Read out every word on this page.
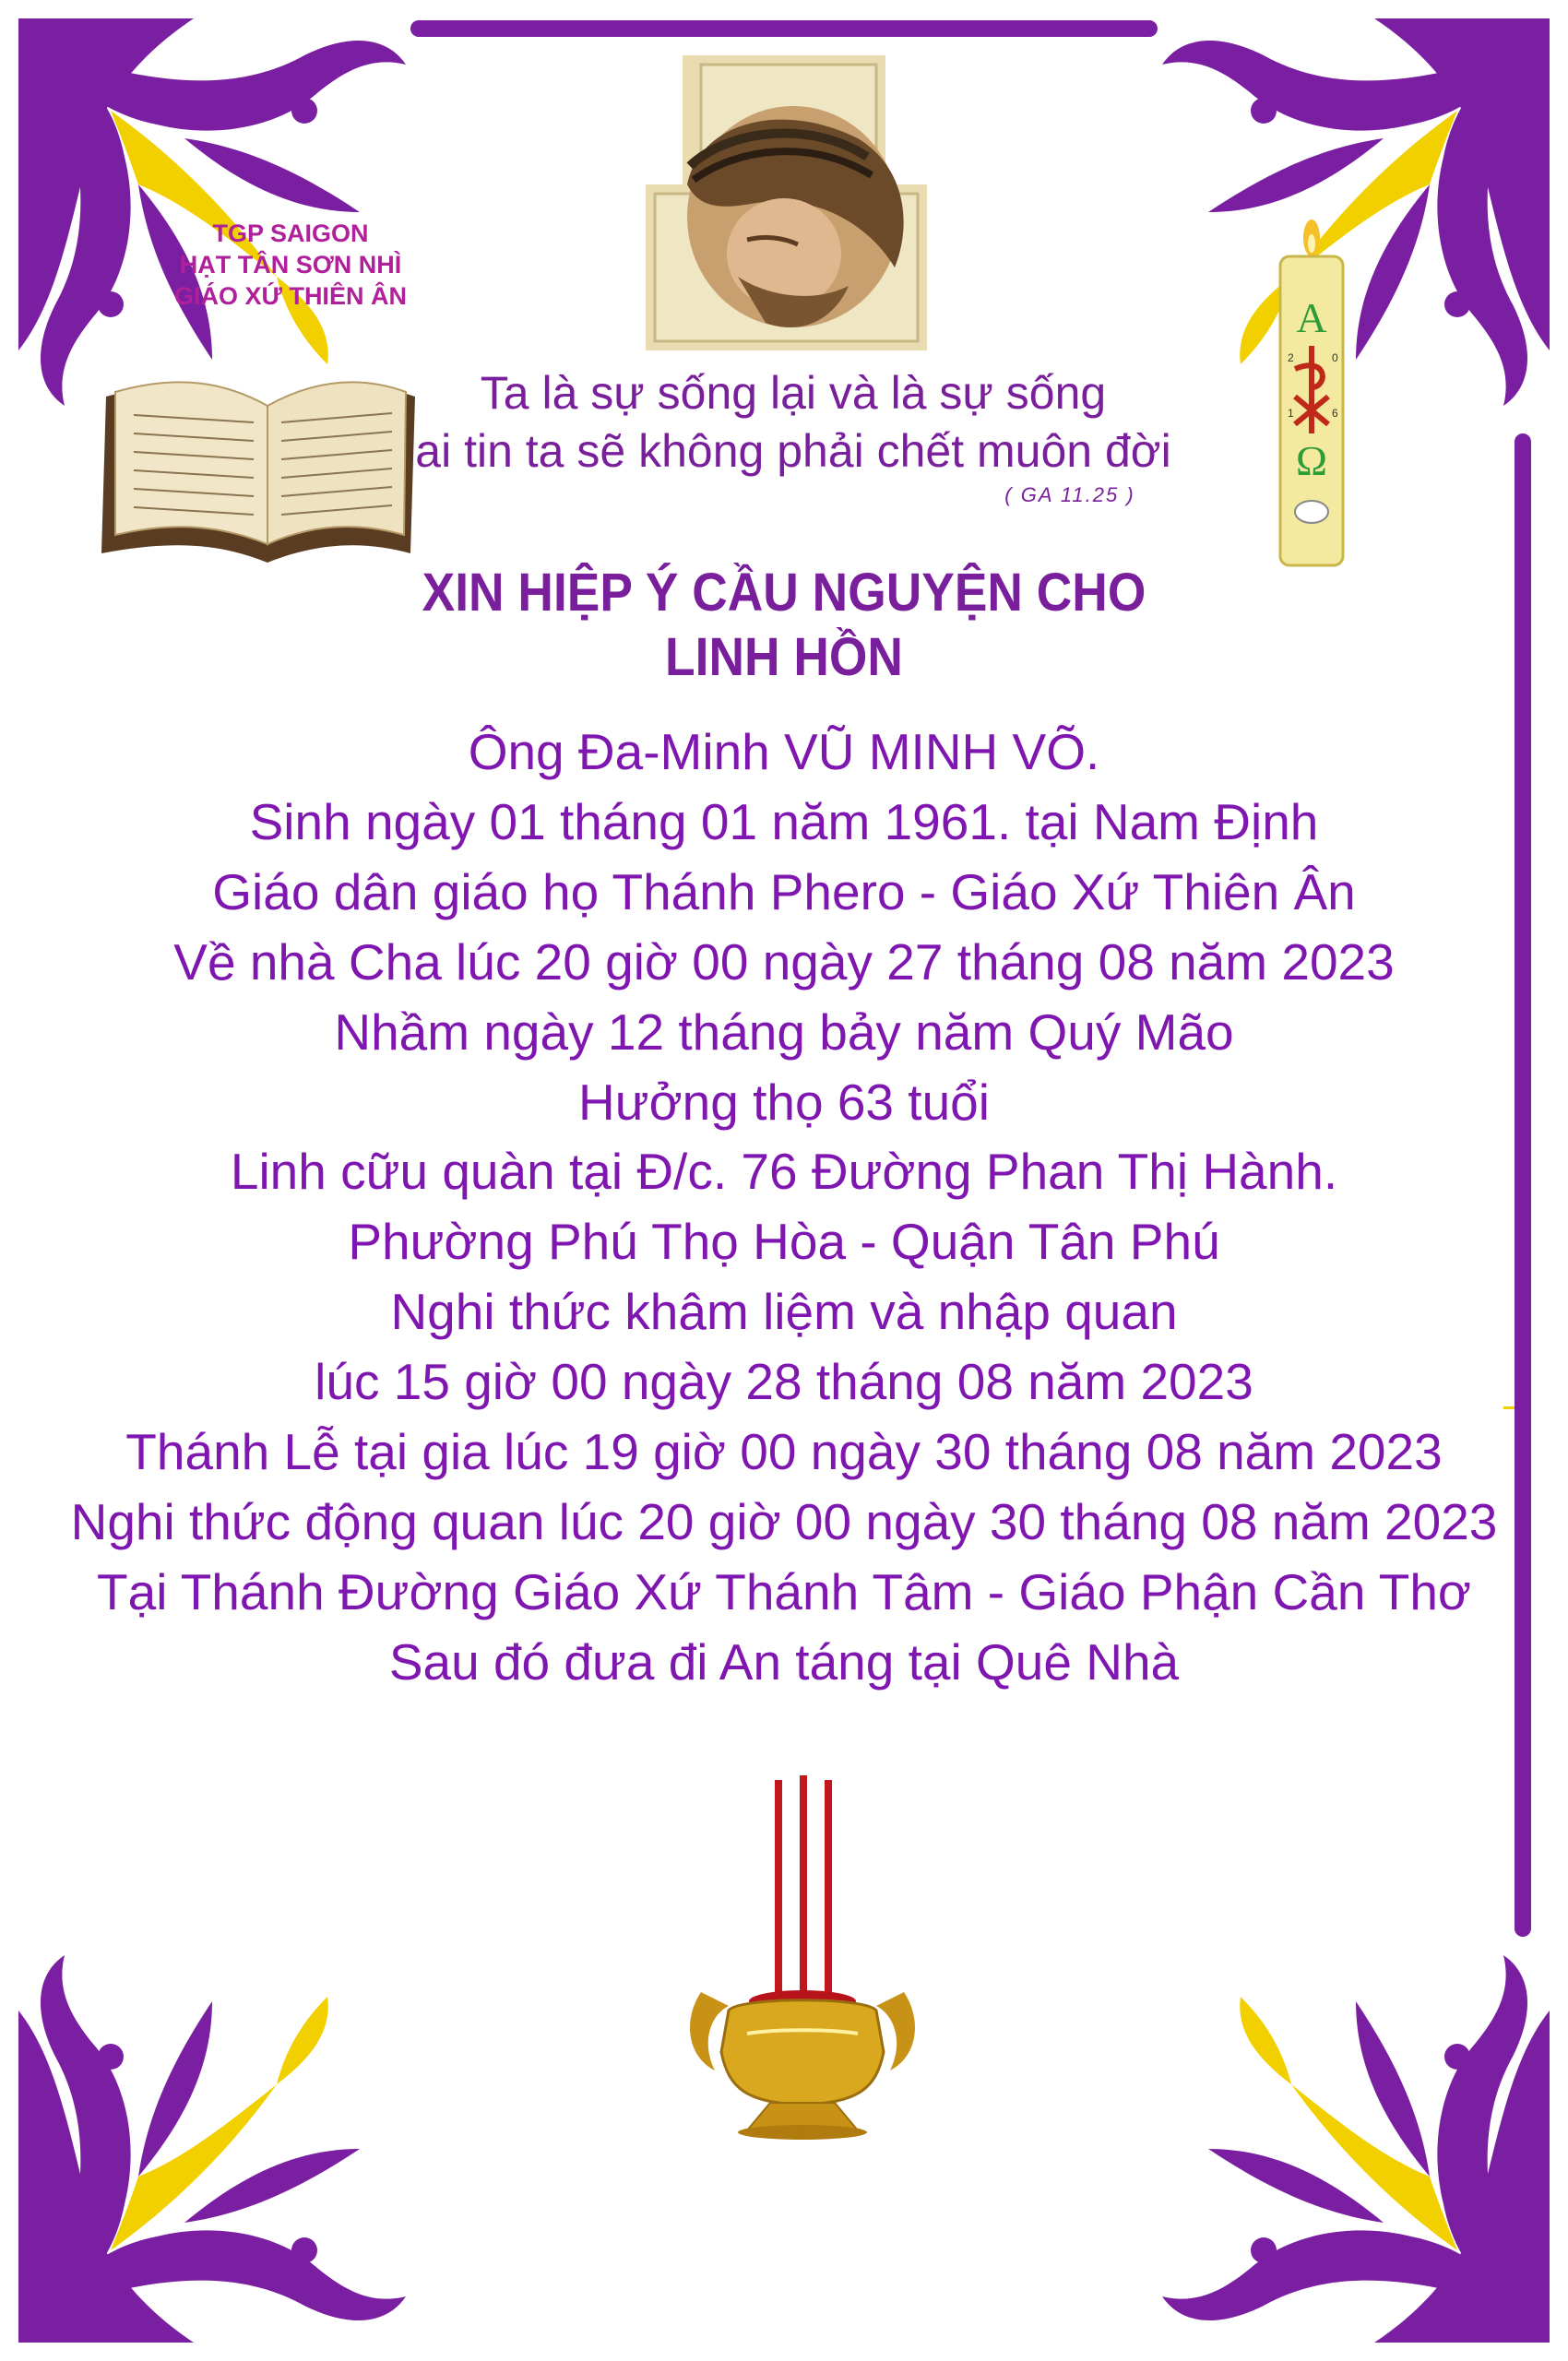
A
2	0
1	6
Ω
TGP SAIGON
HẠT TÂN SƠN NHÌ
GIÁO XỨ THIÊN ÂN
Ta là sự sống lại và là sự sống
ai tin ta sẽ không phải chết muôn đời
( GA 11.25 )
XIN HIỆP Ý CẦU NGUYỆN CHO
LINH HỒN
Ông Đa-Minh VŨ MINH VÕ.
Sinh ngày 01 tháng 01 năm 1961. tại Nam Định
Giáo dân giáo họ Thánh Phero - Giáo Xứ Thiên Ân
Về nhà Cha lúc 20 giờ 00 ngày 27 tháng 08 năm 2023
Nhầm ngày 12 tháng bảy năm Quý Mão
Hưởng thọ 63 tuổi
Linh cữu quàn tại Đ/c. 76 Đường Phan Thị Hành.
Phường Phú Thọ Hòa - Quận Tân Phú
Nghi thức khâm liệm và nhập quan
lúc 15 giờ 00 ngày 28 tháng 08 năm 2023
Thánh Lễ tại gia lúc 19 giờ 00 ngày 30 tháng 08 năm 2023
Nghi thức động quan lúc 20 giờ 00 ngày 30 tháng 08 năm 2023
Tại Thánh Đường Giáo Xứ Thánh Tâm - Giáo Phận Cần Thơ
Sau đó đưa đi An táng tại Quê Nhà
